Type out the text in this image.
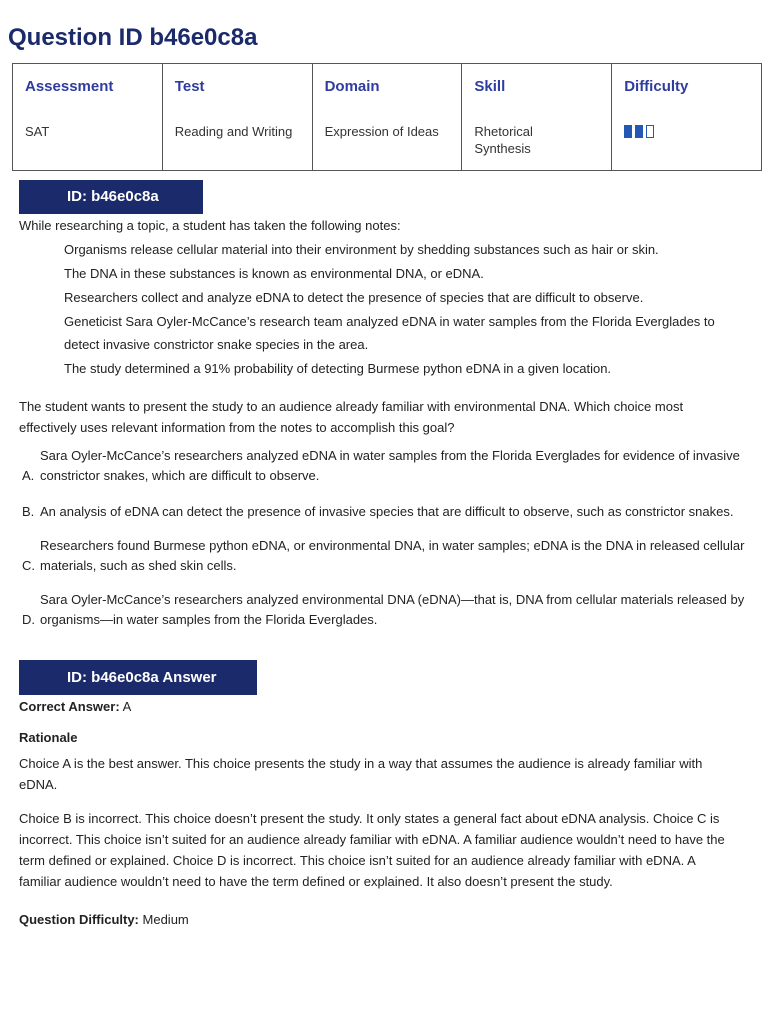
Question ID b46e0c8a
Assessment	Test	Domain	Skill	Difficulty
SAT	Reading and Writing	Expression of Ideas	Rhetorical Synthesis	
ID: b46e0c8a

While researching a topic, a student has taken the following notes:

Organisms release cellular material into their environment by shedding substances such as hair or skin.

The DNA in these substances is known as environmental DNA, or eDNA.

Researchers collect and analyze eDNA to detect the presence of species that are difficult to observe.

Geneticist Sara Oyler-McCance’s research team analyzed eDNA in water samples from the Florida Everglades to

detect invasive constrictor snake species in the area.

The study determined a 91% probability of detecting Burmese python eDNA in a given location.

The student wants to present the study to an audience already familiar with environmental DNA. Which choice most

effectively uses relevant information from the notes to accomplish this goal?

Sara Oyler-McCance’s researchers analyzed eDNA in water samples from the Florida Everglades for evidence of invasive
A. constrictor snakes, which are difficult to observe.
B. An analysis of eDNA can detect the presence of invasive species that are difficult to observe, such as constrictor snakes.
Researchers found Burmese python eDNA, or environmental DNA, in water samples; eDNA is the DNA in released cellular
C. materials, such as shed skin cells.
Sara Oyler-McCance’s researchers analyzed environmental DNA (eDNA)—that is, DNA from cellular materials released by
D. organisms—in water samples from the Florida Everglades.
ID: b46e0c8a Answer

Correct Answer: A

Rationale

Choice A is the best answer. This choice presents the study in a way that assumes the audience is already familiar with

eDNA.

Choice B is incorrect. This choice doesn’t present the study. It only states a general fact about eDNA analysis. Choice C is

incorrect. This choice isn’t suited for an audience already familiar with eDNA. A familiar audience wouldn’t need to have the

term defined or explained. Choice D is incorrect. This choice isn’t suited for an audience already familiar with eDNA. A

familiar audience wouldn’t need to have the term defined or explained. It also doesn’t present the study.

Question Difficulty: Medium
